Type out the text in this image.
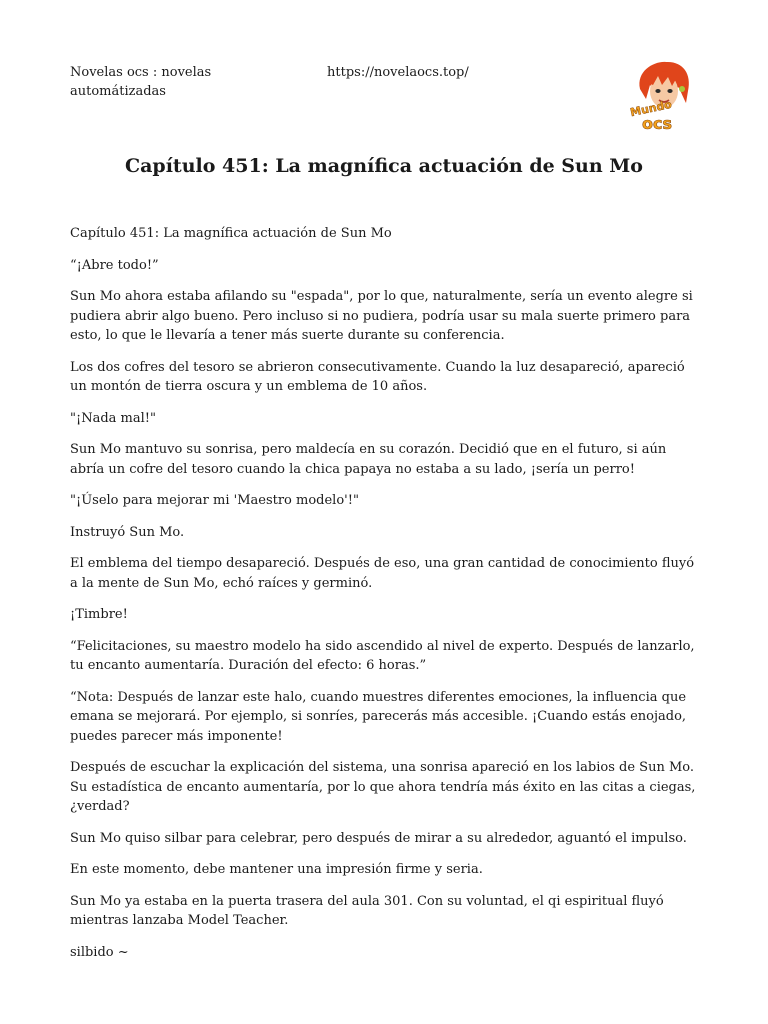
Novelas ocs : novelas automátizadas
https://novelaocs.top/
Mundo
ocs
Capítulo 451: La magnífica actuación de Sun Mo

Capítulo 451: La magnífica actuación de Sun Mo

“¡Abre todo!”

Sun Mo ahora estaba afilando su "espada", por lo que, naturalmente, sería un evento alegre si pudiera abrir algo bueno. Pero incluso si no pudiera, podría usar su mala suerte primero para esto, lo que le llevaría a tener más suerte durante su conferencia.

Los dos cofres del tesoro se abrieron consecutivamente. Cuando la luz desapareció, apareció un montón de tierra oscura y un emblema de 10 años.

"¡Nada mal!"

Sun Mo mantuvo su sonrisa, pero maldecía en su corazón. Decidió que en el futuro, si aún abría un cofre del tesoro cuando la chica papaya no estaba a su lado, ¡sería un perro!

"¡Úselo para mejorar mi 'Maestro modelo'!"

Instruyó Sun Mo.

El emblema del tiempo desapareció. Después de eso, una gran cantidad de conocimiento fluyó a la mente de Sun Mo, echó raíces y germinó.

¡Timbre!

“Felicitaciones, su maestro modelo ha sido ascendido al nivel de experto. Después de lanzarlo, tu encanto aumentaría. Duración del efecto: 6 horas.”

“Nota: Después de lanzar este halo, cuando muestres diferentes emociones, la influencia que emana se mejorará. Por ejemplo, si sonríes, parecerás más accesible. ¡Cuando estás enojado, puedes parecer más imponente!

Después de escuchar la explicación del sistema, una sonrisa apareció en los labios de Sun Mo. Su estadística de encanto aumentaría, por lo que ahora tendría más éxito en las citas a ciegas, ¿verdad?

Sun Mo quiso silbar para celebrar, pero después de mirar a su alrededor, aguantó el impulso.

En este momento, debe mantener una impresión firme y seria.

Sun Mo ya estaba en la puerta trasera del aula 301. Con su voluntad, el qi espiritual fluyó mientras lanzaba Model Teacher.

silbido ~
